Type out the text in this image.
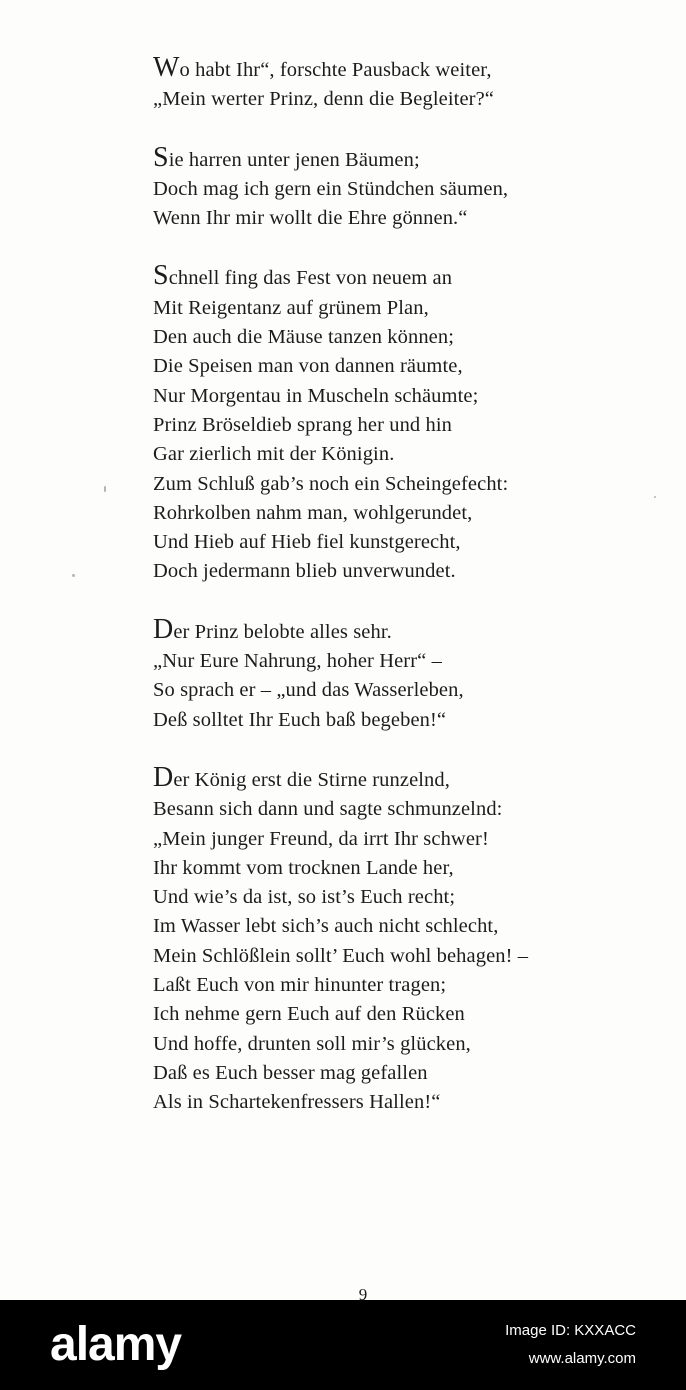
Wo habt Ihr“, forschte Pausback weiter,
„Mein werter Prinz, denn die Begleiter?“
Sie harren unter jenen Bäumen;
Doch mag ich gern ein Stündchen säumen,
Wenn Ihr mir wollt die Ehre gönnen.“
Schnell fing das Fest von neuem an
Mit Reigentanz auf grünem Plan,
Den auch die Mäuse tanzen können;
Die Speisen man von dannen räumte,
Nur Morgentau in Muscheln schäumte;
Prinz Bröseldieb sprang her und hin
Gar zierlich mit der Königin.
Zum Schluß gab’s noch ein Scheingefecht:
Rohrkolben nahm man, wohlgerundet,
Und Hieb auf Hieb fiel kunstgerecht,
Doch jedermann blieb unverwundet.
Der Prinz belobte alles sehr.
„Nur Eure Nahrung, hoher Herr“ –
So sprach er – „und das Wasserleben,
Deß solltet Ihr Euch baß begeben!“
Der König erst die Stirne runzelnd,
Besann sich dann und sagte schmunzelnd:
„Mein junger Freund, da irrt Ihr schwer!
Ihr kommt vom trocknen Lande her,
Und wie’s da ist, so ist’s Euch recht;
Im Wasser lebt sich’s auch nicht schlecht,
Mein Schlößlein sollt’ Euch wohl behagen! –
Laßt Euch von mir hinunter tragen;
Ich nehme gern Euch auf den Rücken
Und hoffe, drunten soll mir’s glücken,
Daß es Euch besser mag gefallen
Als in Schartekenfressers Hallen!“
9
alamy	Image ID: KXXACC
www.alamy.com
